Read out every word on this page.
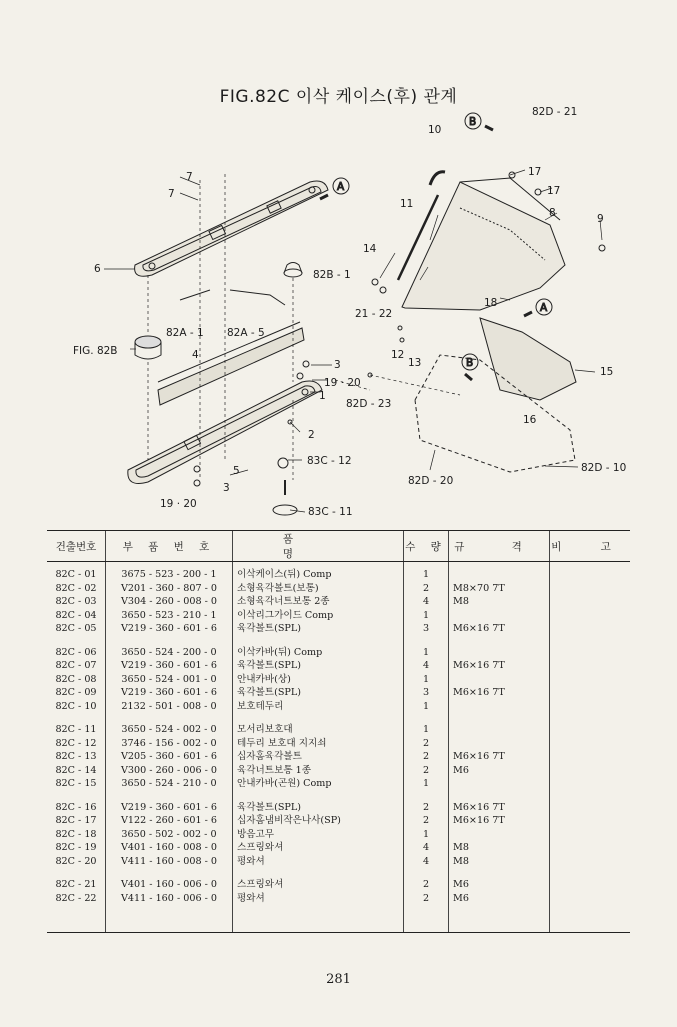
FIG.82C 이삭 케이스(후) 관계
A
B
A
B
10
82D - 21
7
7
11
17
17
8	9
6
14
82B - 1
21 - 22
18
82A - 1 82A - 5
4
FIG. 82B	12
13
3
19 · 20
82D - 23
15
1
16
2
83C - 12
82D - 10
5
3
82D - 20
19 · 20
83C - 11
건출번호	부 품 번 호	품 명	수 량	규 격	비 고
82C - 01	3675 - 523 - 200 - 1	이삭케이스(뒤) Comp	1		
82C - 02	V201 - 360 - 807 - 0	소형육각볼트(보통)	2	M8×70 7T	
82C - 03	V304 - 260 - 008 - 0	소형육각너트보통 2종	4	M8	
82C - 04	3650 - 523 - 210 - 1	이삭리그가이드 Comp	1		
82C - 05	V219 - 360 - 601 - 6	육각볼트(SPL)	3	M6×16 7T	

82C - 06	3650 - 524 - 200 - 0	이삭카바(뒤) Comp	1		
82C - 07	V219 - 360 - 601 - 6	육각볼트(SPL)	4	M6×16 7T	
82C - 08	3650 - 524 - 001 - 0	안내카바(상)	1		
82C - 09	V219 - 360 - 601 - 6	육각볼트(SPL)	3	M6×16 7T	
82C - 10	2132 - 501 - 008 - 0	보호테두리	1		

82C - 11	3650 - 524 - 002 - 0	모서리보호대	1		
82C - 12	3746 - 156 - 002 - 0	테두리 보호대 지지쇠	2		
82C - 13	V205 - 360 - 601 - 6	십자홈육각볼트	2	M6×16 7T	
82C - 14	V300 - 260 - 006 - 0	육각너트보통 1종	2	M6	
82C - 15	3650 - 524 - 210 - 0	안내카바(곤원) Comp	1		

82C - 16	V219 - 360 - 601 - 6	육각볼트(SPL)	2	M6×16 7T	
82C - 17	V122 - 260 - 601 - 6	십자홈냄비작은나사(SP)	2	M6×16 7T	
82C - 18	3650 - 502 - 002 - 0	방음고무	1		
82C - 19	V401 - 160 - 008 - 0	스프링와셔	4	M8	
82C - 20	V411 - 160 - 008 - 0	평와셔	4	M8	

82C - 21	V401 - 160 - 006 - 0	스프링와셔	2	M6	
82C - 22	V411 - 160 - 006 - 0	평와셔	2	M6	

281
